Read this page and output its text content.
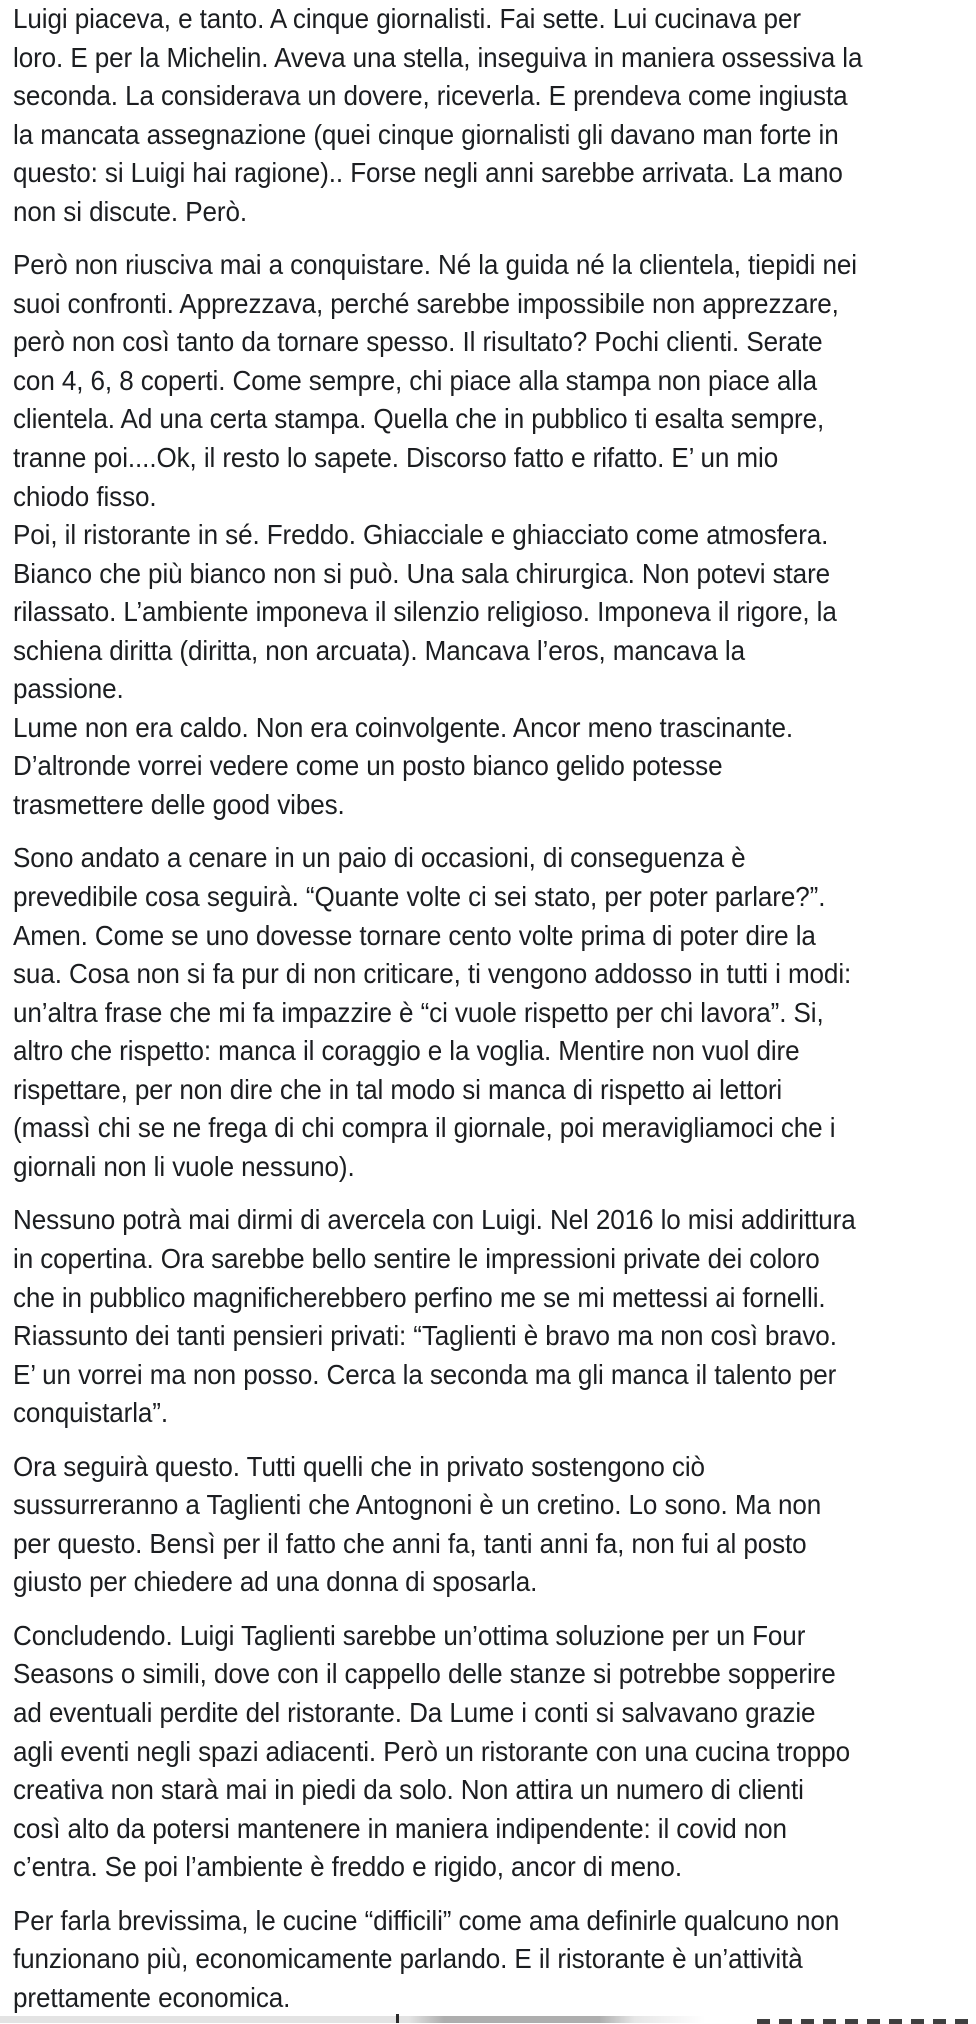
Luigi piaceva, e tanto. A cinque giornalisti. Fai sette. Lui cucinava per
loro. E per la Michelin. Aveva una stella, inseguiva in maniera ossessiva la
seconda. La considerava un dovere, riceverla. E prendeva come ingiusta
la mancata assegnazione (quei cinque giornalisti gli davano man forte in
questo: si Luigi hai ragione).. Forse negli anni sarebbe arrivata. La mano
non si discute. Però.

Però non riusciva mai a conquistare. Né la guida né la clientela, tiepidi nei
suoi confronti. Apprezzava, perché sarebbe impossibile non apprezzare,
però non così tanto da tornare spesso. Il risultato? Pochi clienti. Serate
con 4, 6, 8 coperti. Come sempre, chi piace alla stampa non piace alla
clientela. Ad una certa stampa. Quella che in pubblico ti esalta sempre,
tranne poi....Ok, il resto lo sapete. Discorso fatto e rifatto. E’ un mio
chiodo fisso.
Poi, il ristorante in sé. Freddo. Ghiacciale e ghiacciato come atmosfera.
Bianco che più bianco non si può. Una sala chirurgica. Non potevi stare
rilassato. L’ambiente imponeva il silenzio religioso. Imponeva il rigore, la
schiena diritta (diritta, non arcuata). Mancava l’eros, mancava la
passione.
Lume non era caldo. Non era coinvolgente. Ancor meno trascinante.
D’altronde vorrei vedere come un posto bianco gelido potesse
trasmettere delle good vibes.

Sono andato a cenare in un paio di occasioni, di conseguenza è
prevedibile cosa seguirà. “Quante volte ci sei stato, per poter parlare?”.
Amen. Come se uno dovesse tornare cento volte prima di poter dire la
sua. Cosa non si fa pur di non criticare, ti vengono addosso in tutti i modi:
un’altra frase che mi fa impazzire è “ci vuole rispetto per chi lavora”. Si,
altro che rispetto: manca il coraggio e la voglia. Mentire non vuol dire
rispettare, per non dire che in tal modo si manca di rispetto ai lettori
(massì chi se ne frega di chi compra il giornale, poi meravigliamoci che i
giornali non li vuole nessuno).

Nessuno potrà mai dirmi di avercela con Luigi. Nel 2016 lo misi addirittura
in copertina. Ora sarebbe bello sentire le impressioni private dei coloro
che in pubblico magnificherebbero perfino me se mi mettessi ai fornelli.
Riassunto dei tanti pensieri privati: “Taglienti è bravo ma non così bravo.
E’ un vorrei ma non posso. Cerca la seconda ma gli manca il talento per
conquistarla”.

Ora seguirà questo. Tutti quelli che in privato sostengono ciò
sussurreranno a Taglienti che Antognoni è un cretino. Lo sono. Ma non
per questo. Bensì per il fatto che anni fa, tanti anni fa, non fui al posto
giusto per chiedere ad una donna di sposarla.

Concludendo. Luigi Taglienti sarebbe un’ottima soluzione per un Four
Seasons o simili, dove con il cappello delle stanze si potrebbe sopperire
ad eventuali perdite del ristorante. Da Lume i conti si salvavano grazie
agli eventi negli spazi adiacenti. Però un ristorante con una cucina troppo
creativa non starà mai in piedi da solo. Non attira un numero di clienti
così alto da potersi mantenere in maniera indipendente: il covid non
c’entra. Se poi l’ambiente è freddo e rigido, ancor di meno.

Per farla brevissima, le cucine “difficili” come ama definirle qualcuno non
funzionano più, economicamente parlando. E il ristorante è un’attività
prettamente economica.
